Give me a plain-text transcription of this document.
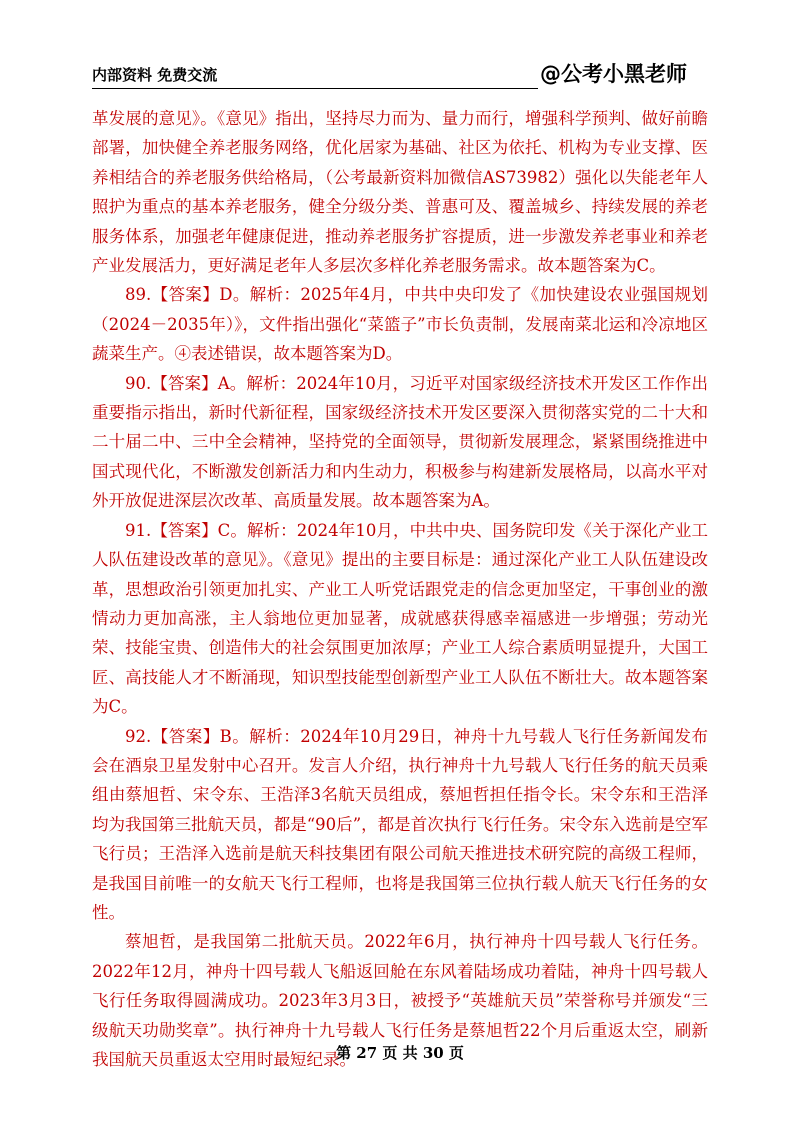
内部资料 免费交流	@公考小黑老师

革发展的意见》。《意见》指出，坚持尽力而为、量力而行，增强科学预判、做好前瞻部署，加快健全养老服务网络，优化居家为基础、社区为依托、机构为专业支撑、医养相结合的养老服务供给格局，（公考最新资料加微信AS73982）强化以失能老年人照护为重点的基本养老服务，健全分级分类、普惠可及、覆盖城乡、持续发展的养老服务体系，加强老年健康促进，推动养老服务扩容提质，进一步激发养老事业和养老产业发展活力，更好满足老年人多层次多样化养老服务需求。故本题答案为C。

89.【答案】D。解析：2025年4月，中共中央印发了《加快建设农业强国规划（2024－2035年）》，文件指出强化“菜篮子”市长负责制，发展南菜北运和冷凉地区蔬菜生产。④表述错误，故本题答案为D。

90.【答案】A。解析：2024年10月，习近平对国家级经济技术开发区工作作出重要指示指出，新时代新征程，国家级经济技术开发区要深入贯彻落实党的二十大和二十届二中、三中全会精神，坚持党的全面领导，贯彻新发展理念，紧紧围绕推进中国式现代化，不断激发创新活力和内生动力，积极参与构建新发展格局，以高水平对外开放促进深层次改革、高质量发展。故本题答案为A。

91.【答案】C。解析：2024年10月，中共中央、国务院印发《关于深化产业工人队伍建设改革的意见》。《意见》提出的主要目标是：通过深化产业工人队伍建设改革，思想政治引领更加扎实、产业工人听党话跟党走的信念更加坚定，干事创业的激情动力更加高涨，主人翁地位更加显著，成就感获得感幸福感进一步增强；劳动光荣、技能宝贵、创造伟大的社会氛围更加浓厚；产业工人综合素质明显提升，大国工匠、高技能人才不断涌现，知识型技能型创新型产业工人队伍不断壮大。故本题答案为C。

92.【答案】B。解析：2024年10月29日，神舟十九号载人飞行任务新闻发布会在酒泉卫星发射中心召开。发言人介绍，执行神舟十九号载人飞行任务的航天员乘组由蔡旭哲、宋令东、王浩泽3名航天员组成，蔡旭哲担任指令长。宋令东和王浩泽均为我国第三批航天员，都是“90后”，都是首次执行飞行任务。宋令东入选前是空军飞行员；王浩泽入选前是航天科技集团有限公司航天推进技术研究院的高级工程师，是我国目前唯一的女航天飞行工程师，也将是我国第三位执行载人航天飞行任务的女性。

蔡旭哲，是我国第二批航天员。2022年6月，执行神舟十四号载人飞行任务。2022年12月，神舟十四号载人飞船返回舱在东风着陆场成功着陆，神舟十四号载人飞行任务取得圆满成功。2023年3月3日，被授予“英雄航天员”荣誉称号并颁发“三级航天功勋奖章”。执行神舟十九号载人飞行任务是蔡旭哲22个月后重返太空，刷新我国航天员重返太空用时最短纪录。

第 27 页 共 30 页
